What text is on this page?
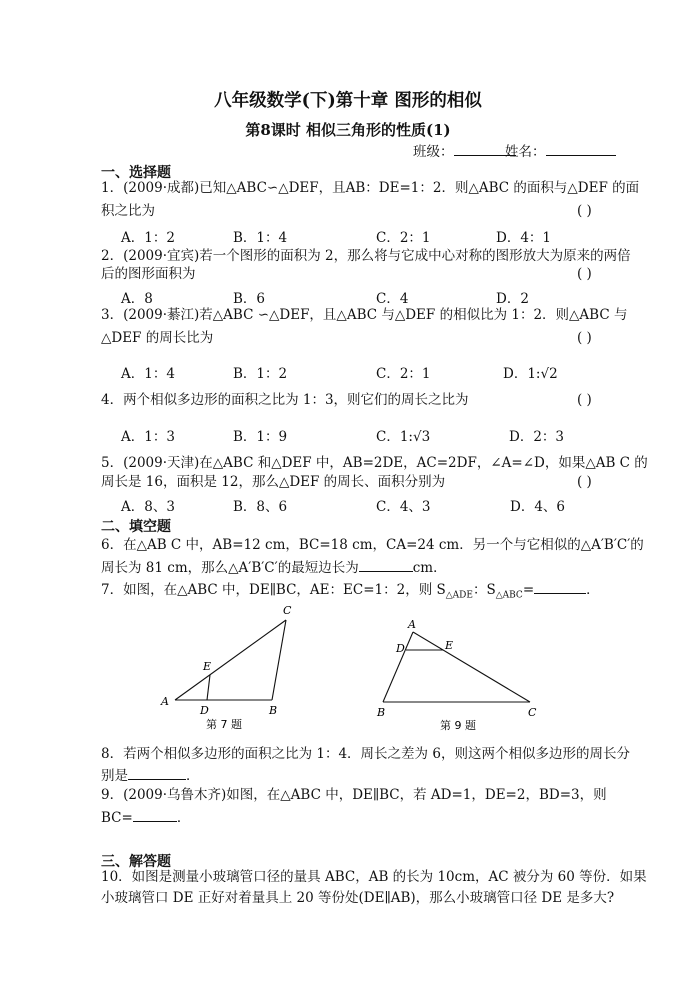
八年级数学(下)第十章 图形的相似
第8课时 相似三角形的性质(1)
班级：	姓名：
一、选择题
1．(2009·成都)已知△ABC∽△DEF，且AB：DE=1：2．则△ABC 的面积与△DEF 的面
积之比为	( )
A．1：2	B．1：4	C．2：1	D．4：1
2．(2009·宜宾)若一个图形的面积为 2，那么将与它成中心对称的图形放大为原来的两倍
后的图形面积为	( )
A．8	B．6	C．4	D．2
3．(2009·綦江)若△ABC ∽△DEF，且△ABC 与△DEF 的相似比为 1：2．则△ABC 与
△DEF 的周长比为	( )
A．1：4	B．1：2	C．2：1	D．1:√2
4．两个相似多边形的面积之比为 1：3，则它们的周长之比为	( )
A．1：3	B．1：9	C．1:√3	D．2：3
5．(2009·天津)在△ABC 和△DEF 中，AB=2DE，AC=2DF，∠A=∠D，如果△AB C 的
周长是 16，面积是 12，那么△DEF 的周长、面积分别为	( )
A．8、3	B．8、6	C．4、3	D．4、6
二、填空题
6．在△AB C 中，AB=12 cm，BC=18 cm，CA=24 cm．另一个与它相似的△A′B′C′的
周长为 81 cm，那么△A′B′C′的最短边长为	cm．
7．如图，在△ABC 中，DE∥BC，AE：EC=1：2，则 $S_{\triangle ADE}$：$S_{\triangle ABC}=$	．
A
B
C
D
E
第 7 题
A
B	C
D	E
第 9 题
8．若两个相似多边形的面积之比为 1：4．周长之差为 6，则这两个相似多边形的周长分
别是	．
9．(2009·乌鲁木齐)如图，在△ABC 中，DE∥BC，若 AD=1，DE=2，BD=3，则
BC=	．
三、解答题
10．如图是测量小玻璃管口径的量具 ABC，AB 的长为 10cm，AC 被分为 60 等份．如果
小玻璃管口 DE 正好对着量具上 20 等份处(DE∥AB)，那么小玻璃管口径 DE 是多大?
